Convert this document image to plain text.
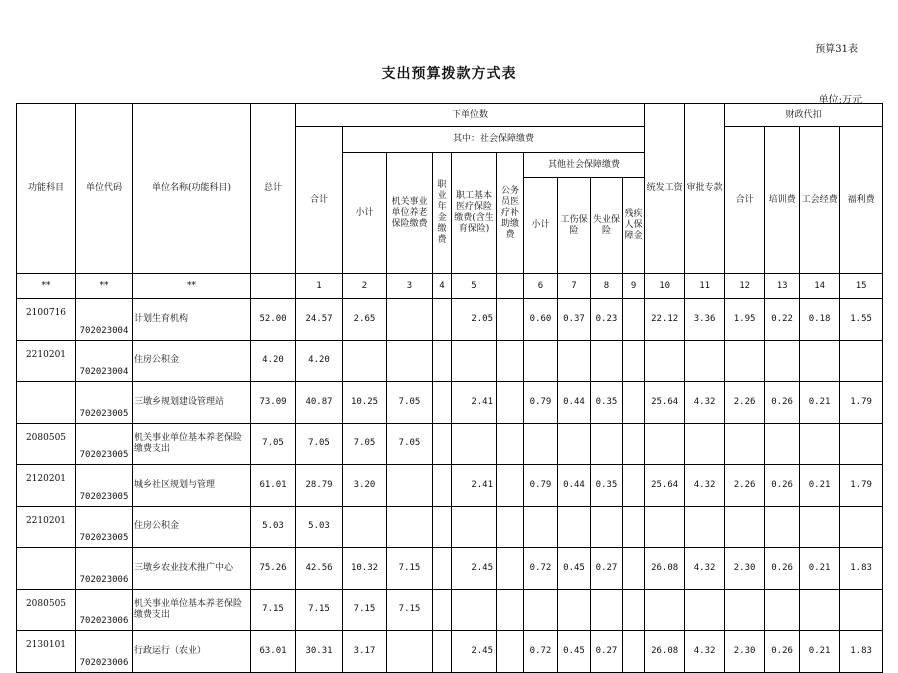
预算31表
支出预算拨款方式表
单位:万元
功能科目	单位代码	单位名称(功能科目)	总计	下单位数										统发工资	审批专款	财政代扣			
				合计	其中：社会保障缴费											合计	培训费	工会经费	福利费
					小计	机关事业单位养老保险缴费	职业年金缴费	职工基本医疗保险缴费(含生育保险)	公务员医疗补助缴费	其他社会保障缴费									
										小计	工伤保险	失业保险	残疾人保障金						
**	**	**		1	2	3	4	5		6	7	8	9	10	11	12	13	14	15
2100716	702023004	计划生育机构	52.00	24.57	2.65			2.05		0.60	0.37	0.23		22.12	3.36	1.95	0.22	0.18	1.55
2210201	702023004	住房公积金	4.20	4.20															
	702023005	三墩乡规划建设管理站	73.09	40.87	10.25	7.05		2.41		0.79	0.44	0.35		25.64	4.32	2.26	0.26	0.21	1.79
2080505	702023005	机关事业单位基本养老保险缴费支出	7.05	7.05	7.05	7.05													
2120201	702023005	城乡社区规划与管理	61.01	28.79	3.20			2.41		0.79	0.44	0.35		25.64	4.32	2.26	0.26	0.21	1.79
2210201	702023005	住房公积金	5.03	5.03															
	702023006	三墩乡农业技术推广中心	75.26	42.56	10.32	7.15		2.45		0.72	0.45	0.27		26.08	4.32	2.30	0.26	0.21	1.83
2080505	702023006	机关事业单位基本养老保险缴费支出	7.15	7.15	7.15	7.15													
2130101	702023006	行政运行（农业）	63.01	30.31	3.17			2.45		0.72	0.45	0.27		26.08	4.32	2.30	0.26	0.21	1.83
